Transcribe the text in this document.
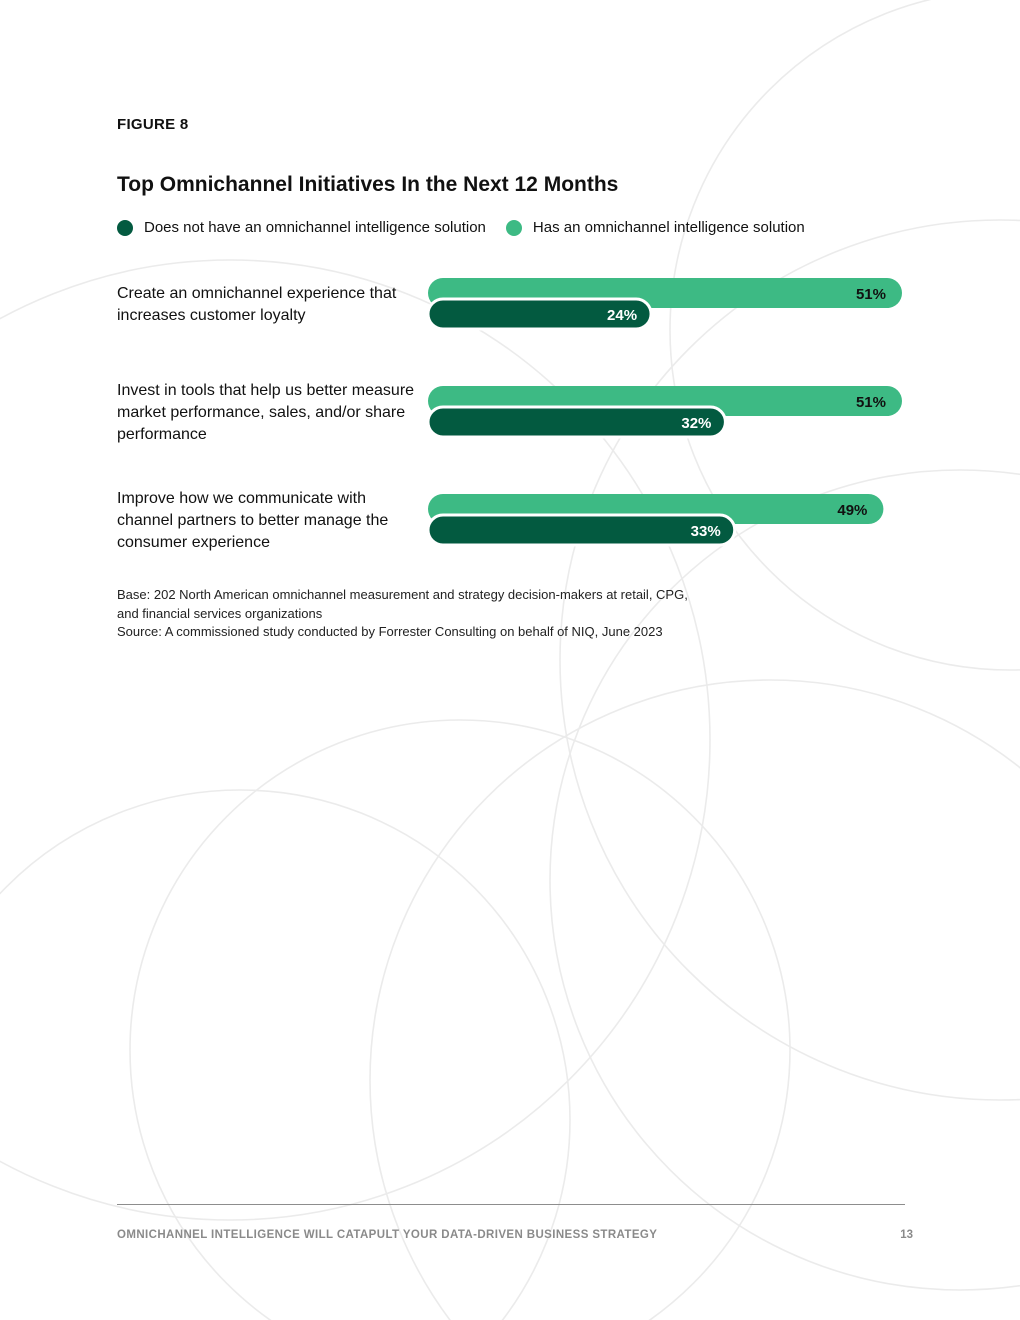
FIGURE 8
Top Omnichannel Initiatives In the Next 12 Months
Does not have an omnichannel intelligence solution	Has an omnichannel intelligence solution
Create an omnichannel experience that increases customer loyalty
Invest in tools that help us better measure market performance, sales, and/or share performance
Improve how we communicate with channel partners to better manage the consumer experience
51%
24%
51%
32%
49%
33%
Base: 202 North American omnichannel measurement and strategy decision-makers at retail, CPG,
and financial services organizations
Source: A commissioned study conducted by Forrester Consulting on behalf of NIQ, June 2023
OMNICHANNEL INTELLIGENCE WILL CATAPULT YOUR DATA-DRIVEN BUSINESS STRATEGY	13
